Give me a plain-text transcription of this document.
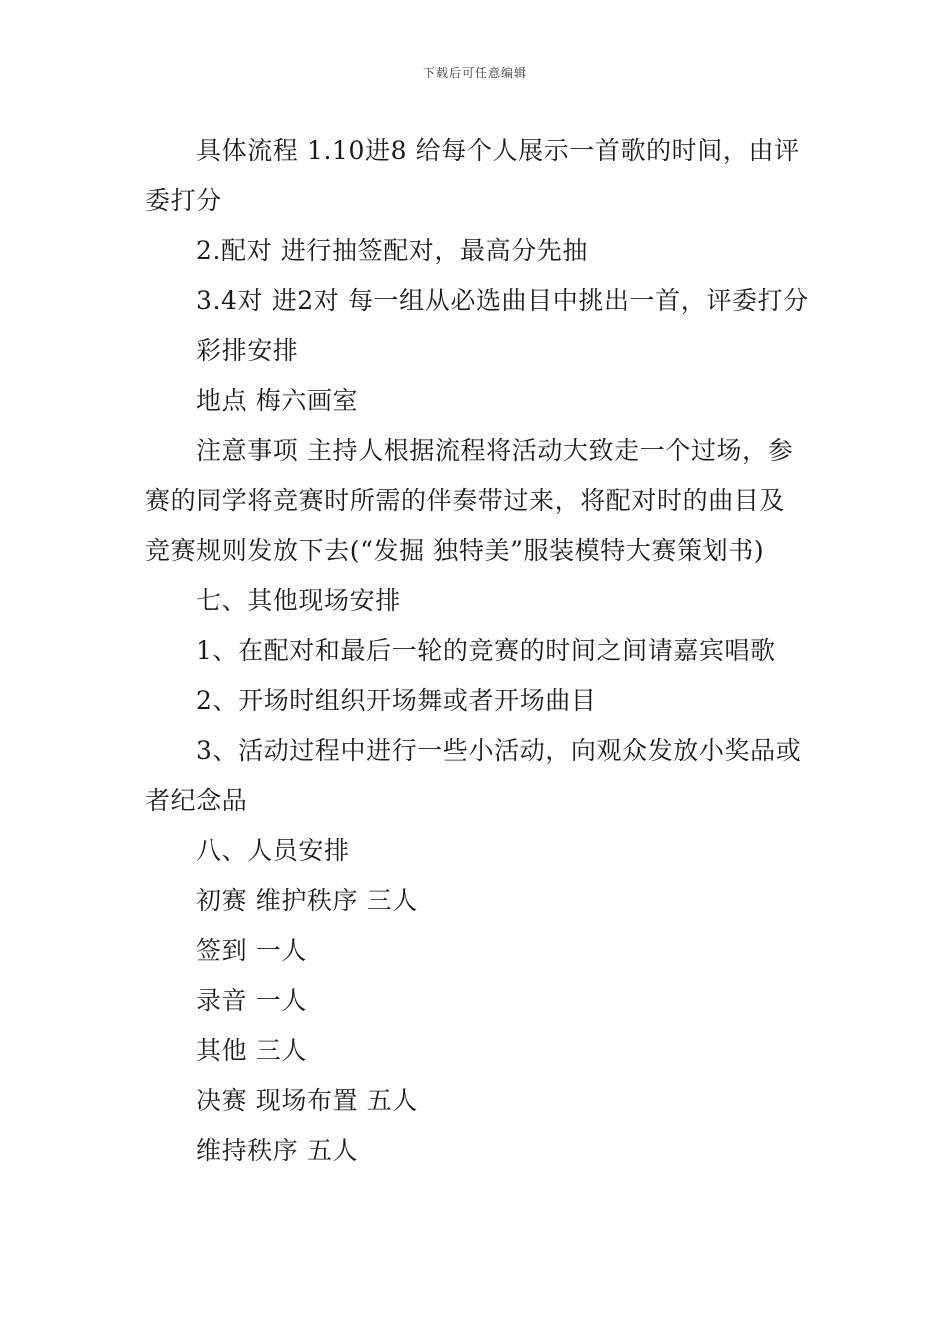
下载后可任意编辑

具体流程 1.10进8 给每个人展示一首歌的时间，由评委打分

2.配对 进行抽签配对，最高分先抽

3.4对 进2对 每一组从必选曲目中挑出一首，评委打分

彩排安排

地点 梅六画室

注意事项 主持人根据流程将活动大致走一个过场，参赛的同学将竞赛时所需的伴奏带过来，将配对时的曲目及竞赛规则发放下去(“发掘 独特美”服装模特大赛策划书)

七、其他现场安排

1、在配对和最后一轮的竞赛的时间之间请嘉宾唱歌

2、开场时组织开场舞或者开场曲目

3、活动过程中进行一些小活动，向观众发放小奖品或者纪念品

八、人员安排

初赛 维护秩序 三人

签到 一人

录音 一人

其他 三人

决赛 现场布置 五人

维持秩序 五人
